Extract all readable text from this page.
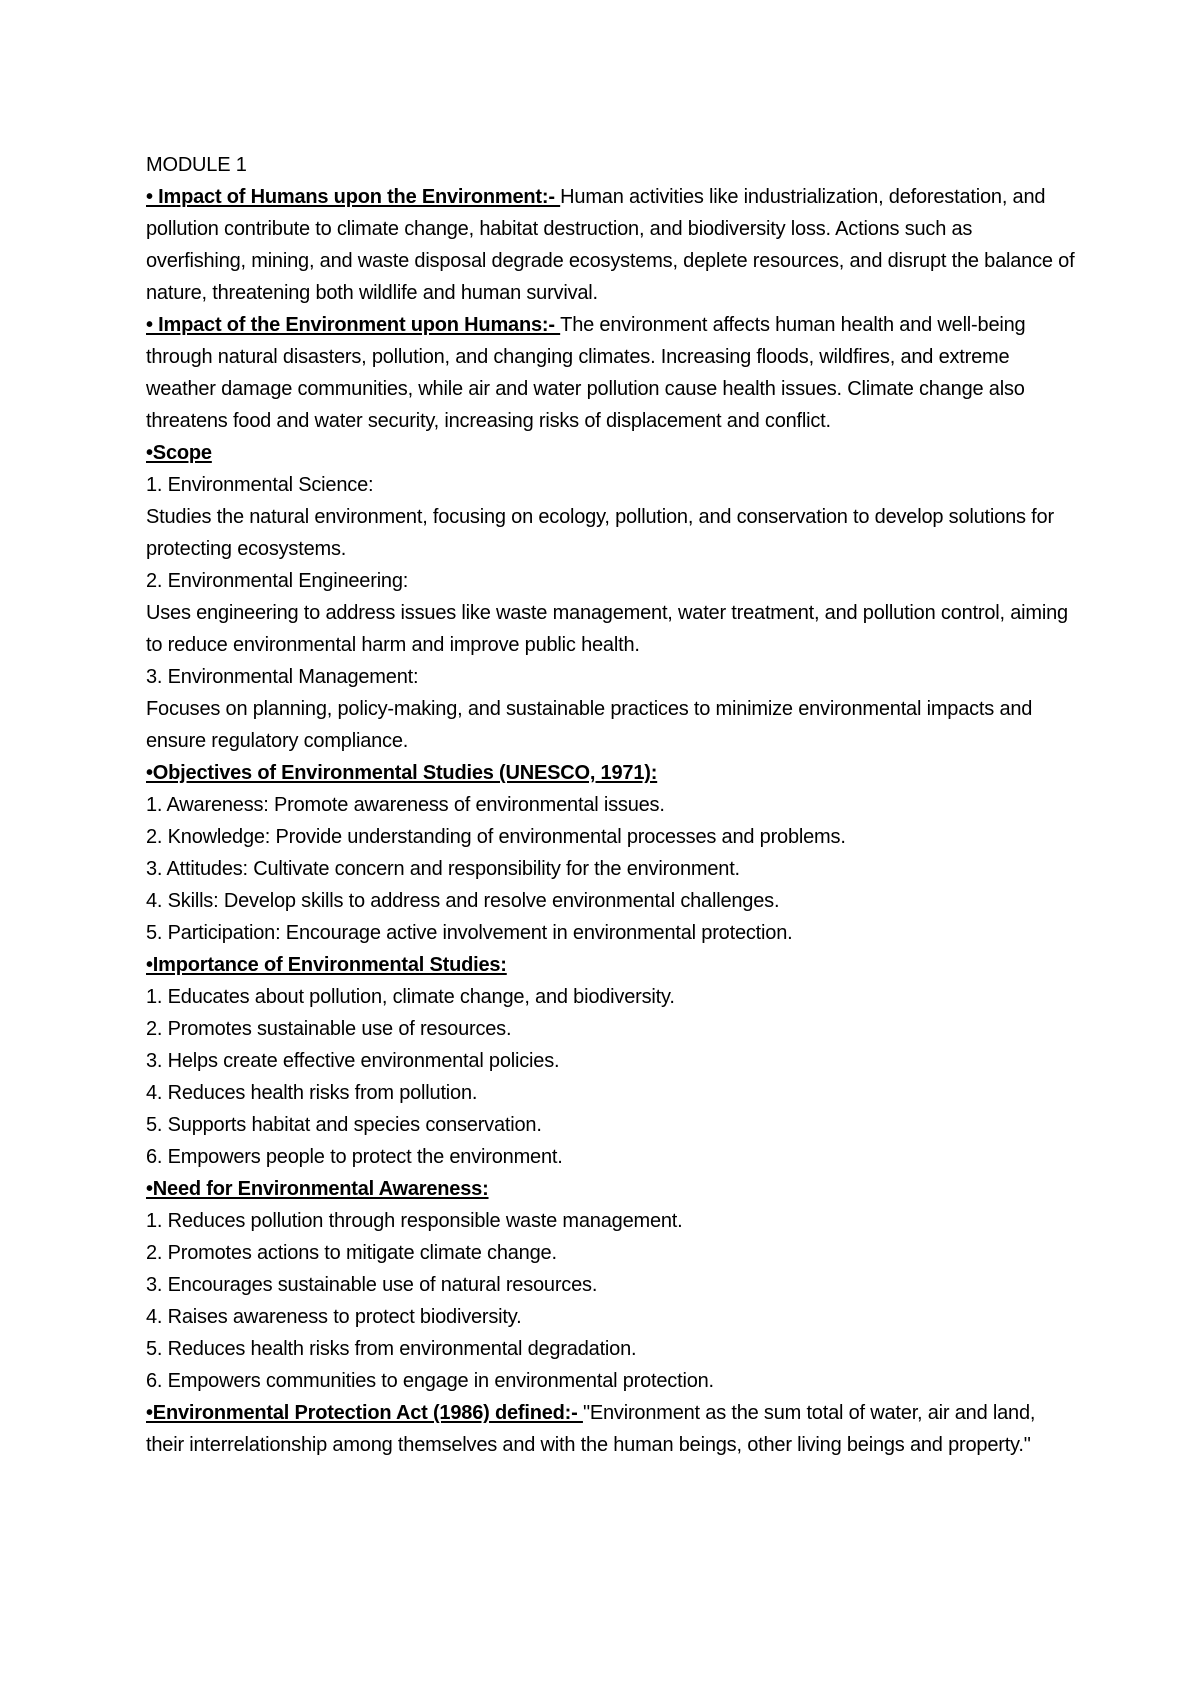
MODULE 1

• Impact of Humans upon the Environment:- Human activities like industrialization, deforestation, and pollution contribute to climate change, habitat destruction, and biodiversity loss. Actions such as overfishing, mining, and waste disposal degrade ecosystems, deplete resources, and disrupt the balance of nature, threatening both wildlife and human survival.

• Impact of the Environment upon Humans:- The environment affects human health and well-being through natural disasters, pollution, and changing climates. Increasing floods, wildfires, and extreme weather damage communities, while air and water pollution cause health issues. Climate change also threatens food and water security, increasing risks of displacement and conflict.

•Scope
1. Environmental Science:
Studies the natural environment, focusing on ecology, pollution, and conservation to develop solutions for protecting ecosystems.
2. Environmental Engineering:
Uses engineering to address issues like waste management, water treatment, and pollution control, aiming to reduce environmental harm and improve public health.
3. Environmental Management:
Focuses on planning, policy-making, and sustainable practices to minimize environmental impacts and ensure regulatory compliance.
•Objectives of Environmental Studies (UNESCO, 1971):
1. Awareness: Promote awareness of environmental issues.
2. Knowledge: Provide understanding of environmental processes and problems.
3. Attitudes: Cultivate concern and responsibility for the environment.
4. Skills: Develop skills to address and resolve environmental challenges.
5. Participation: Encourage active involvement in environmental protection.
•Importance of Environmental Studies:
1. Educates about pollution, climate change, and biodiversity.
2. Promotes sustainable use of resources.
3. Helps create effective environmental policies.
4. Reduces health risks from pollution.
5. Supports habitat and species conservation.
6. Empowers people to protect the environment.
•Need for Environmental Awareness:
1. Reduces pollution through responsible waste management.
2. Promotes actions to mitigate climate change.
3. Encourages sustainable use of natural resources.
4. Raises awareness to protect biodiversity.
5. Reduces health risks from environmental degradation.
6. Empowers communities to engage in environmental protection.

•Environmental Protection Act (1986) defined:- "Environment as the sum total of water, air and land, their interrelationship among themselves and with the human beings, other living beings and property."
